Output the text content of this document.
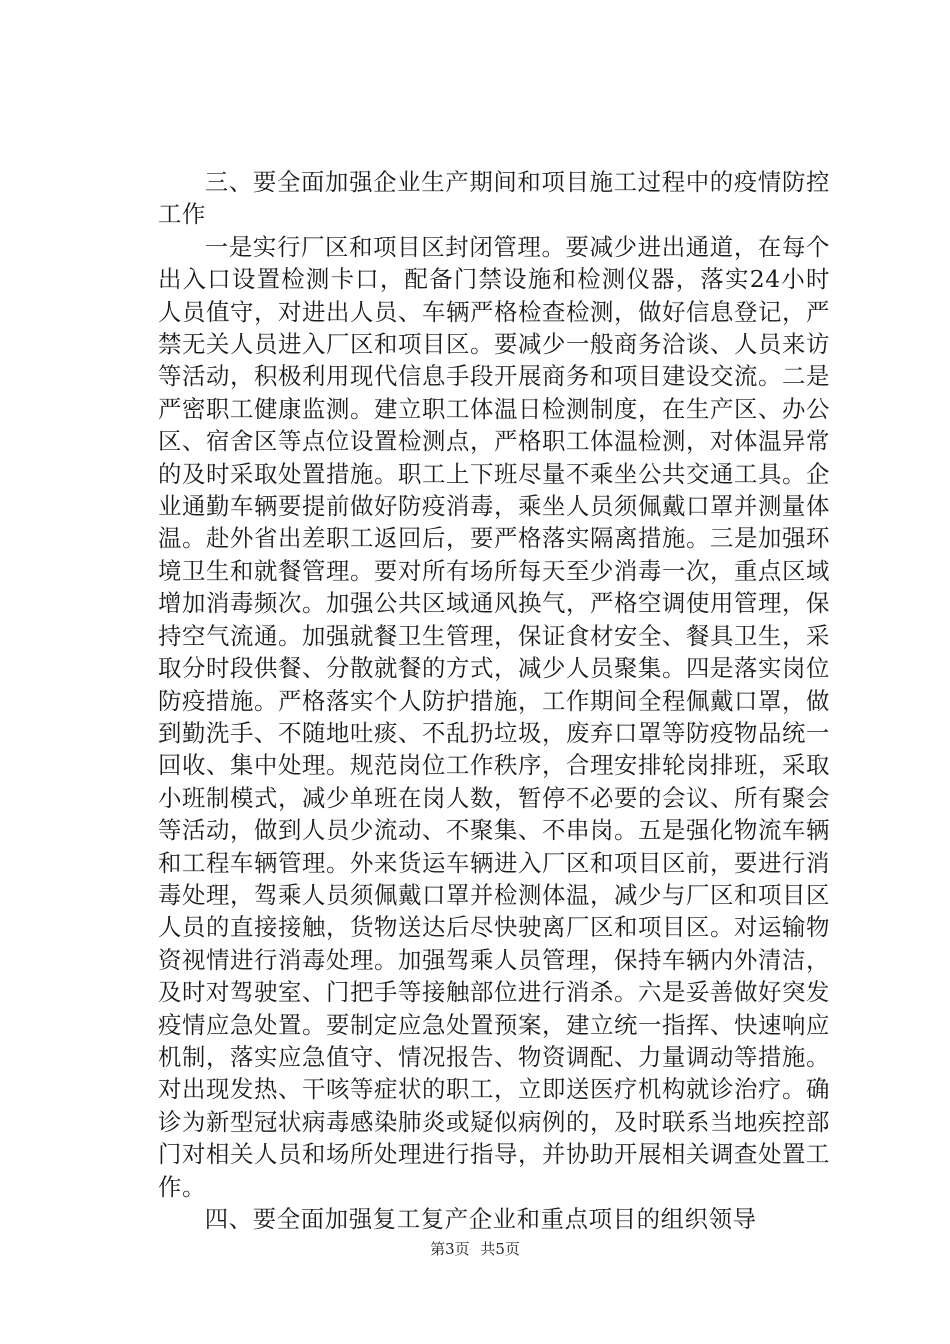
三、要全面加强企业生产期间和项目施工过程中的疫情防控工作

一是实行厂区和项目区封闭管理。要减少进出通道，在每个出入口设置检测卡口，配备门禁设施和检测仪器，落实24小时人员值守，对进出人员、车辆严格检查检测，做好信息登记，严禁无关人员进入厂区和项目区。要减少一般商务洽谈、人员来访等活动，积极利用现代信息手段开展商务和项目建设交流。二是严密职工健康监测。建立职工体温日检测制度，在生产区、办公区、宿舍区等点位设置检测点，严格职工体温检测，对体温异常的及时采取处置措施。职工上下班尽量不乘坐公共交通工具。企业通勤车辆要提前做好防疫消毒，乘坐人员须佩戴口罩并测量体温。赴外省出差职工返回后，要严格落实隔离措施。三是加强环境卫生和就餐管理。要对所有场所每天至少消毒一次，重点区域增加消毒频次。加强公共区域通风换气，严格空调使用管理，保持空气流通。加强就餐卫生管理，保证食材安全、餐具卫生，采取分时段供餐、分散就餐的方式，减少人员聚集。四是落实岗位防疫措施。严格落实个人防护措施，工作期间全程佩戴口罩，做到勤洗手、不随地吐痰、不乱扔垃圾，废弃口罩等防疫物品统一回收、集中处理。规范岗位工作秩序，合理安排轮岗排班，采取小班制模式，减少单班在岗人数，暂停不必要的会议、所有聚会等活动，做到人员少流动、不聚集、不串岗。五是强化物流车辆和工程车辆管理。外来货运车辆进入厂区和项目区前，要进行消毒处理，驾乘人员须佩戴口罩并检测体温，减少与厂区和项目区人员的直接接触，货物送达后尽快驶离厂区和项目区。对运输物资视情进行消毒处理。加强驾乘人员管理，保持车辆内外清洁，及时对驾驶室、门把手等接触部位进行消杀。六是妥善做好突发疫情应急处置。要制定应急处置预案，建立统一指挥、快速响应机制，落实应急值守、情况报告、物资调配、力量调动等措施。对出现发热、干咳等症状的职工，立即送医疗机构就诊治疗。确诊为新型冠状病毒感染肺炎或疑似病例的，及时联系当地疾控部门对相关人员和场所处理进行指导，并协助开展相关调查处置工作。

四、要全面加强复工复产企业和重点项目的组织领导

第3页 共5页
